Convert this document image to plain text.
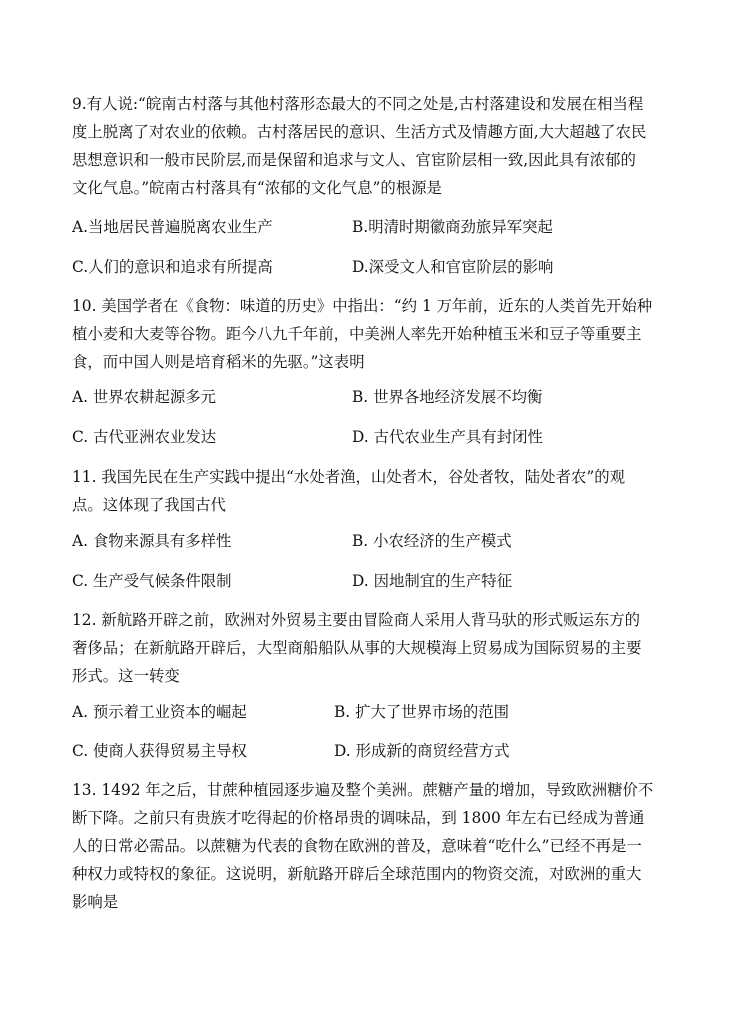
9.有人说:“皖南古村落与其他村落形态最大的不同之处是,古村落建设和发展在相当程
度上脱离了对农业的依赖。古村落居民的意识、生活方式及情趣方面,大大超越了农民
思想意识和一般市民阶层,而是保留和追求与文人、官宦阶层相一致,因此具有浓郁的
文化气息。”皖南古村落具有“浓郁的文化气息”的根源是
A.当地居民普遍脱离农业生产	B.明清时期徽商劲旅异军突起
C.人们的意识和追求有所提高	D.深受文人和官宦阶层的影响
10. 美国学者在《食物：味道的历史》中指出：“约 1 万年前，近东的人类首先开始种
植小麦和大麦等谷物。距今八九千年前，中美洲人率先开始种植玉米和豆子等重要主
食，而中国人则是培育稻米的先驱。”这表明
A. 世界农耕起源多元	B. 世界各地经济发展不均衡
C. 古代亚洲农业发达	D. 古代农业生产具有封闭性
11. 我国先民在生产实践中提出“水处者渔，山处者木，谷处者牧，陆处者农”的观
点。这体现了我国古代
A. 食物来源具有多样性	B. 小农经济的生产模式
C. 生产受气候条件限制	D. 因地制宜的生产特征
12. 新航路开辟之前，欧洲对外贸易主要由冒险商人采用人背马驮的形式贩运东方的
奢侈品；在新航路开辟后，大型商船船队从事的大规模海上贸易成为国际贸易的主要
形式。这一转变
A. 预示着工业资本的崛起	B. 扩大了世界市场的范围
C. 使商人获得贸易主导权	D. 形成新的商贸经营方式
13. 1492 年之后，甘蔗种植园逐步遍及整个美洲。蔗糖产量的增加，导致欧洲糖价不
断下降。之前只有贵族才吃得起的价格昂贵的调味品，到 1800 年左右已经成为普通
人的日常必需品。以蔗糖为代表的食物在欧洲的普及，意味着“吃什么”已经不再是一
种权力或特权的象征。这说明，新航路开辟后全球范围内的物资交流，对欧洲的重大
影响是
